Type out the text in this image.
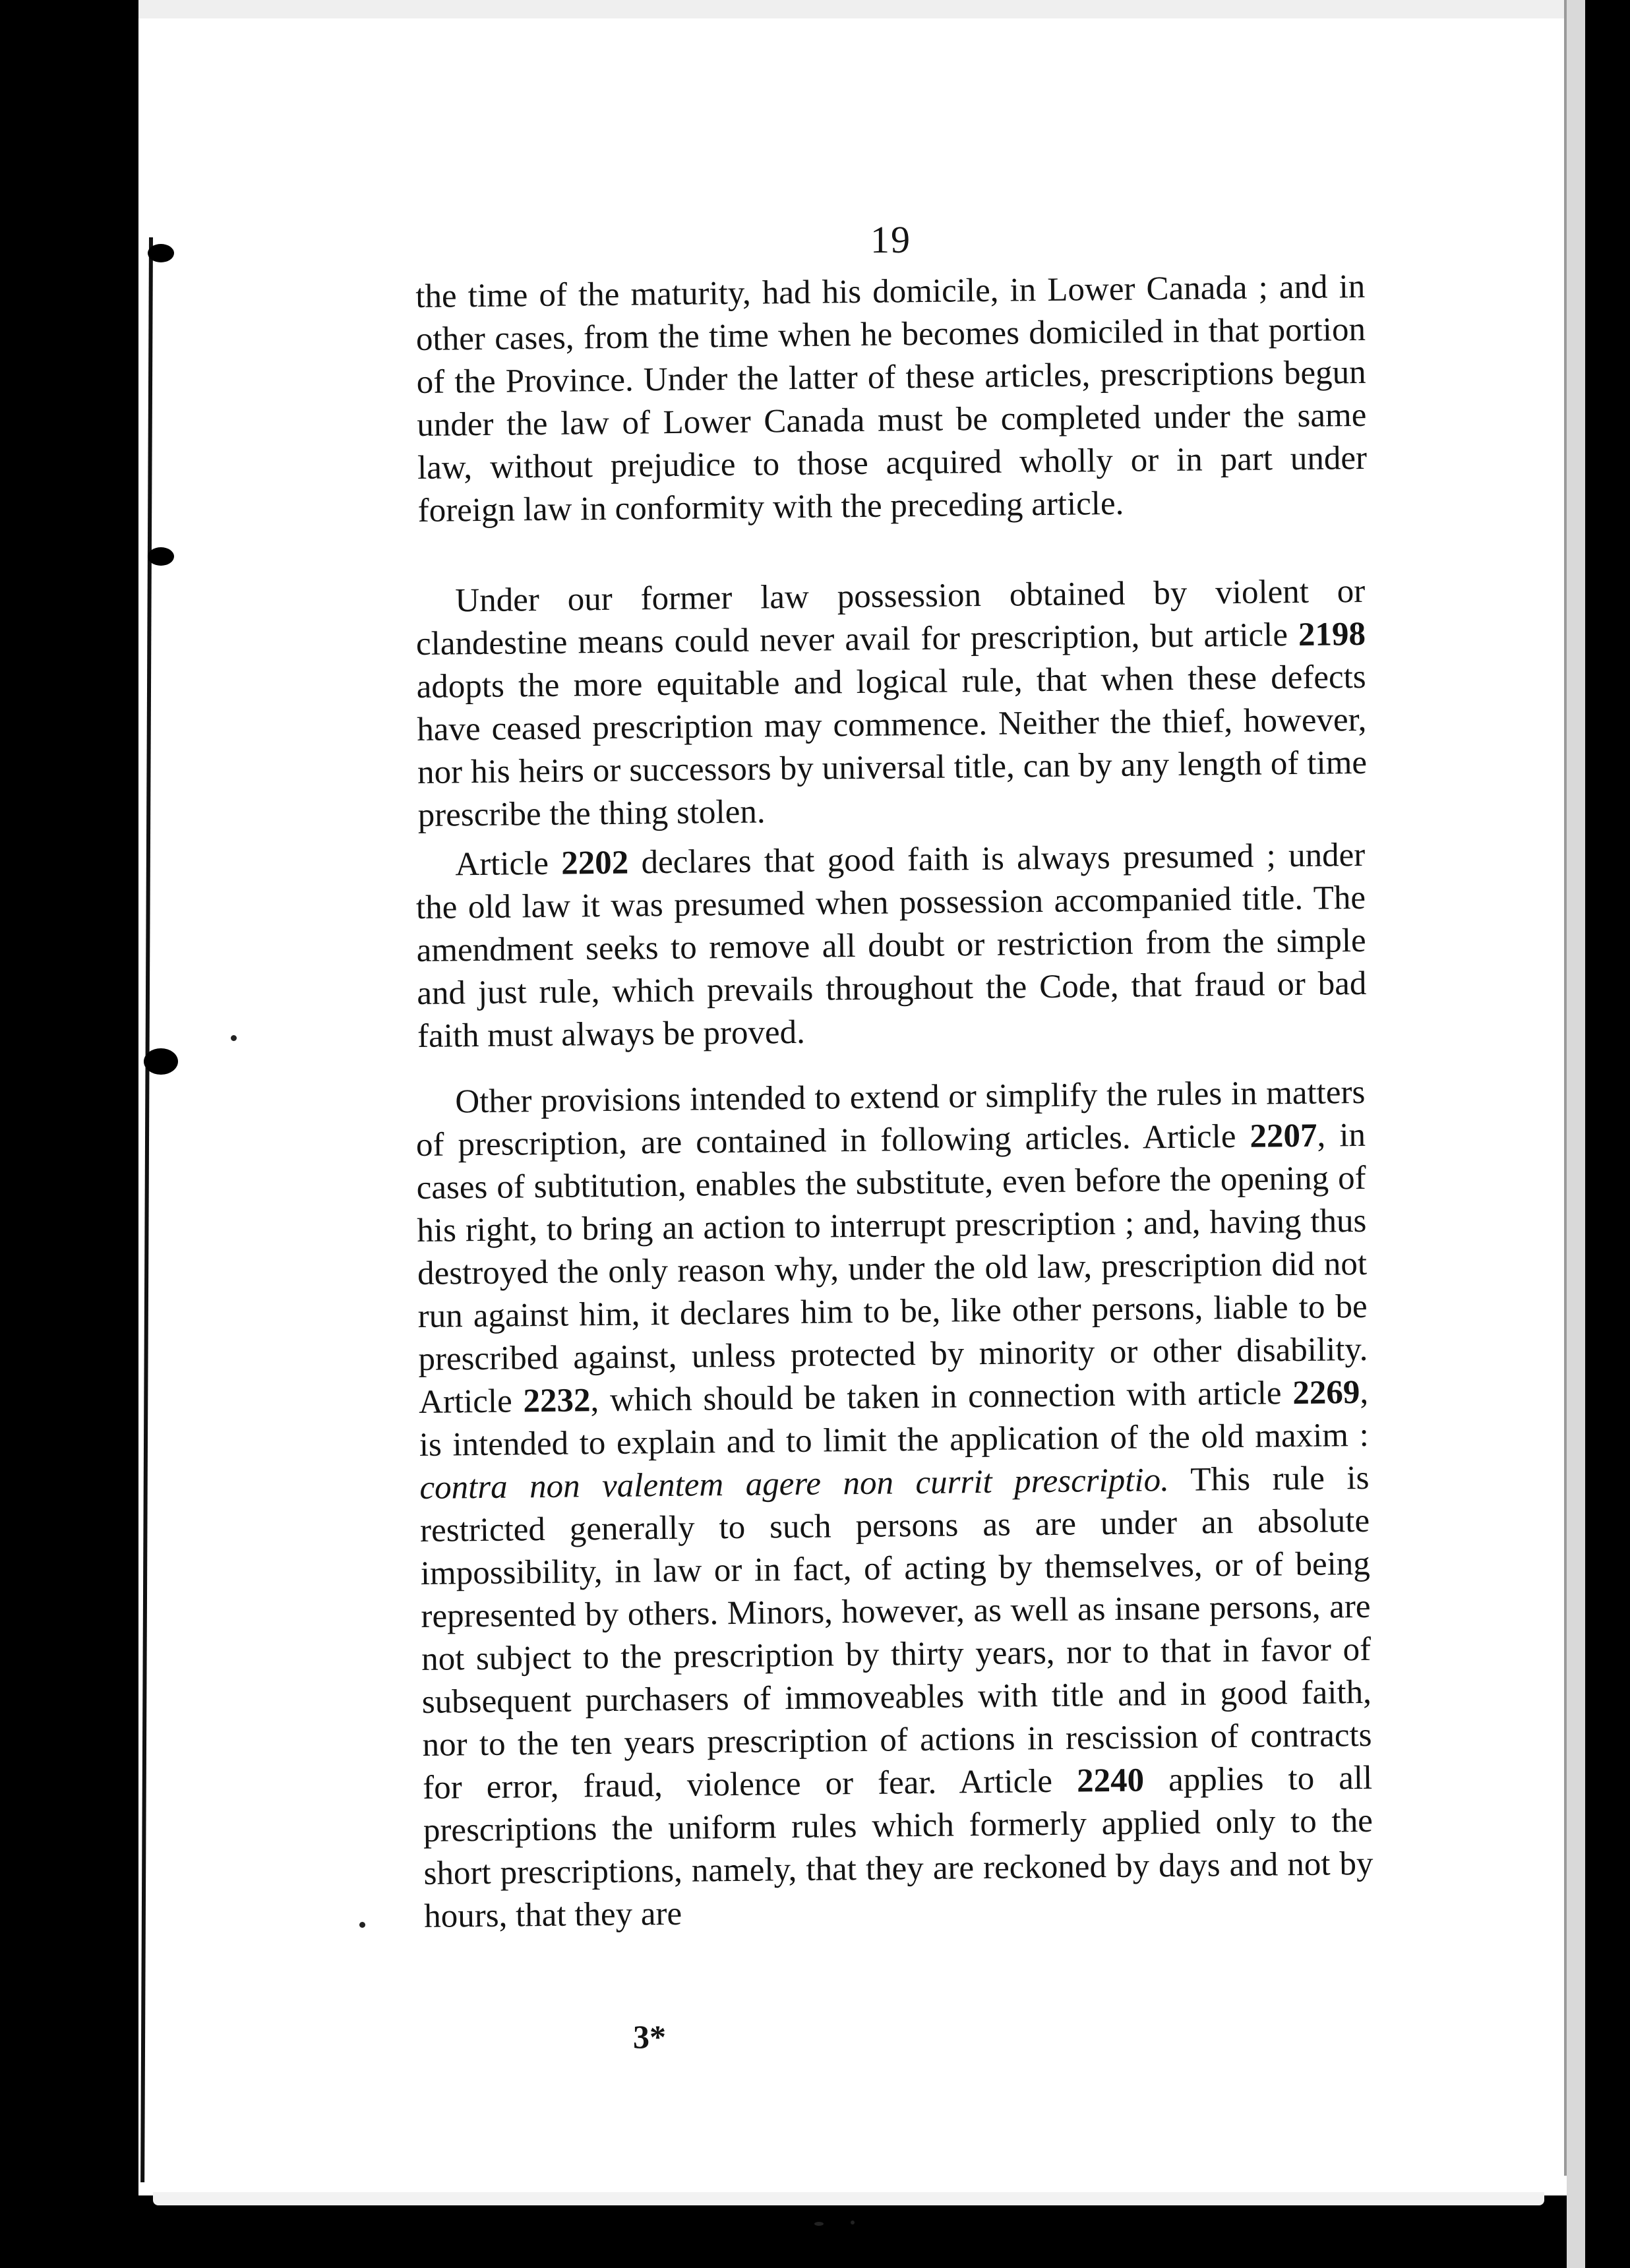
19

the time of the maturity, had his domicile, in Lower Canada ; and in other cases, from the time when he becomes domiciled in that portion of the Province. Under the latter of these articles, prescriptions begun under the law of Lower Canada must be completed under the same law, without prejudice to those acquired wholly or in part under foreign law in conformity with the preceding article.

Under our former law possession obtained by violent or clandestine means could never avail for prescription, but article 2198 adopts the more equitable and logical rule, that when these defects have ceased prescription may commence. Neither the thief, however, nor his heirs or successors by universal title, can by any length of time prescribe the thing stolen.

Article 2202 declares that good faith is always presumed ; under the old law it was presumed when possession accompanied title. The amendment seeks to remove all doubt or restriction from the simple and just rule, which prevails throughout the Code, that fraud or bad faith must always be proved.

Other provisions intended to extend or simplify the rules in matters of prescription, are contained in following articles. Article 2207, in cases of subtitution, enables the substitute, even before the opening of his right, to bring an action to interrupt prescription ; and, having thus destroyed the only reason why, under the old law, prescription did not run against him, it declares him to be, like other persons, liable to be prescribed against, unless protected by minority or other disability. Article 2232, which should be taken in connection with article 2269, is intended to explain and to limit the application of the old maxim : contra non valentem agere non currit prescriptio. This rule is restricted generally to such persons as are under an absolute impossibility, in law or in fact, of acting by themselves, or of being represented by others. Minors, however, as well as insane persons, are not subject to the prescription by thirty years, nor to that in favor of subsequent purchasers of immoveables with title and in good faith, nor to the ten years prescription of actions in rescission of contracts for error, fraud, violence or fear. Article 2240 applies to all prescriptions the uniform rules which formerly applied only to the short prescriptions, namely, that they are reckoned by days and not by hours, that they are

3*
